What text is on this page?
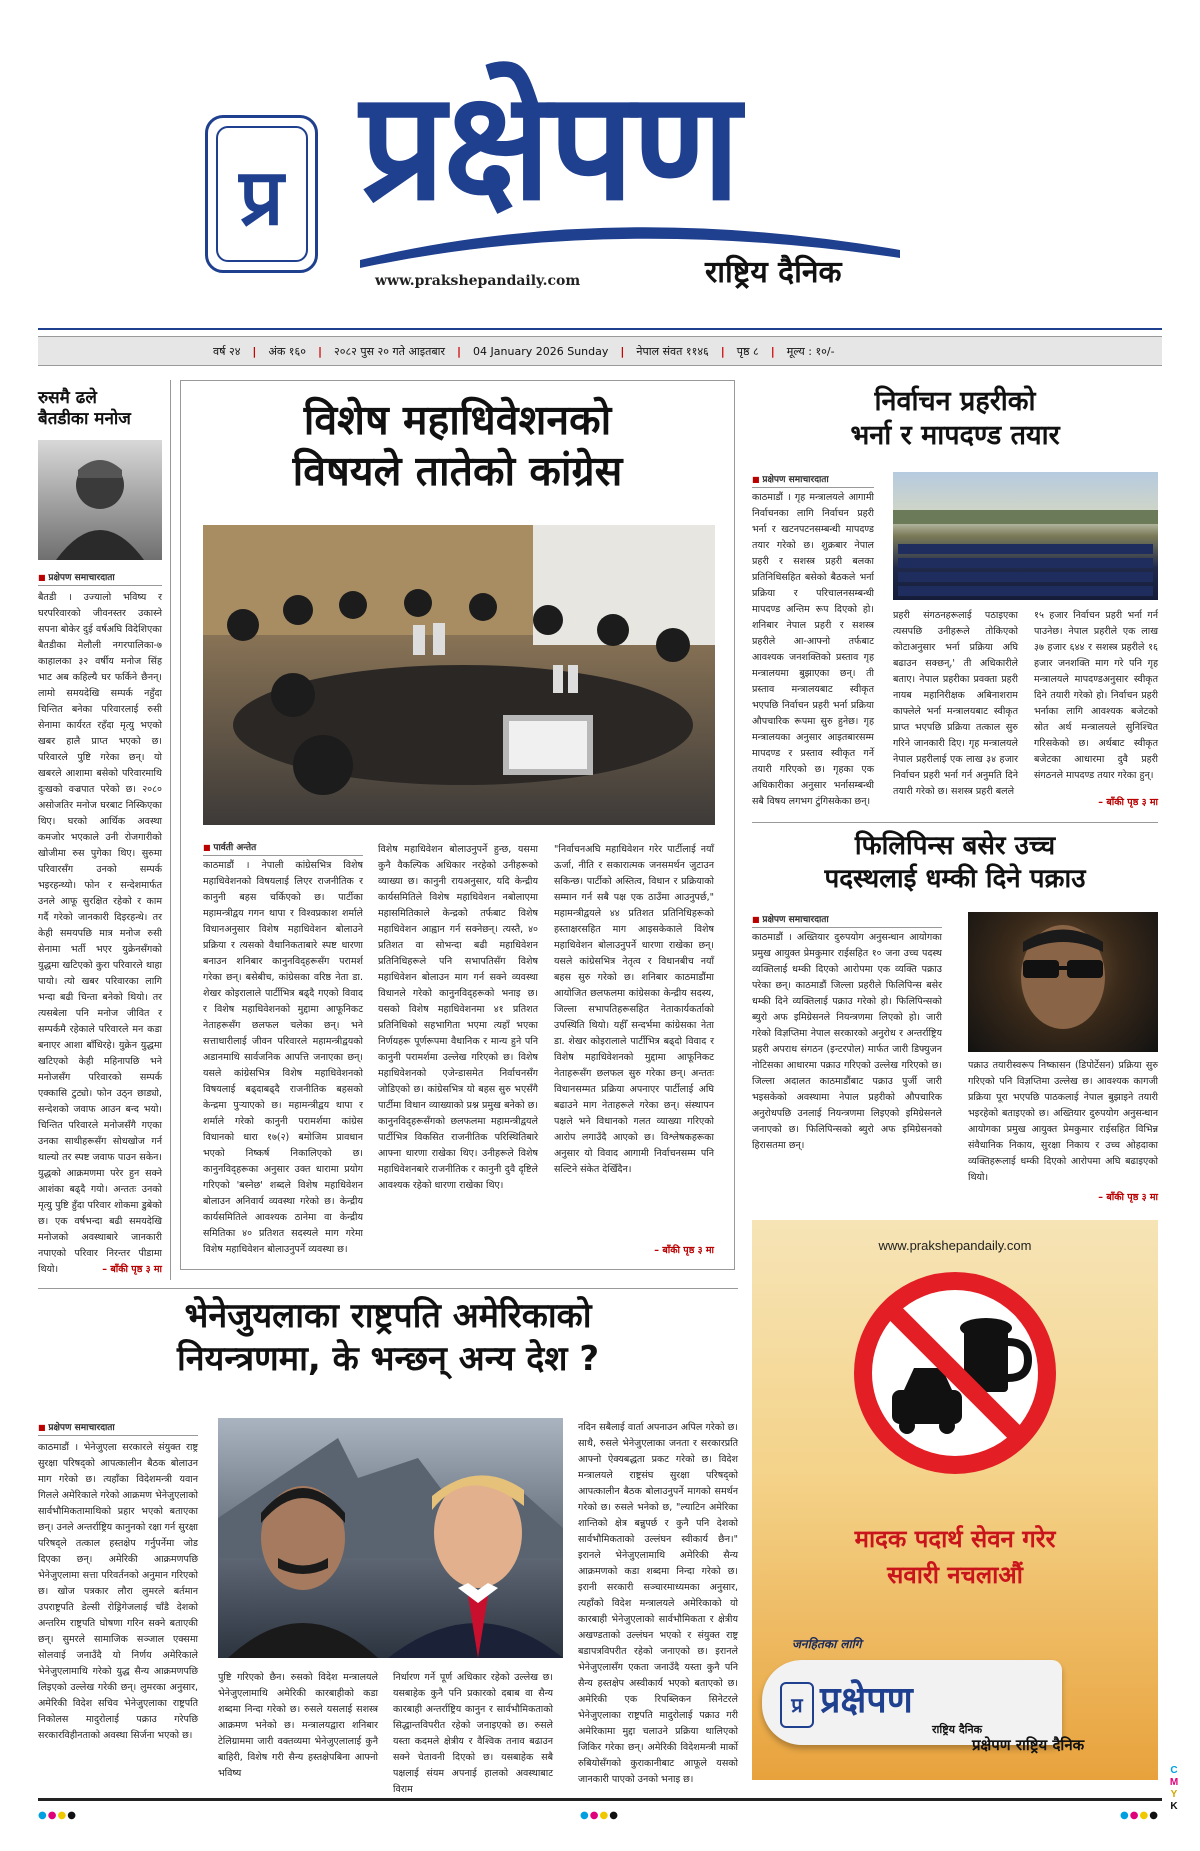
प्र प्रक्षेपण
राष्ट्रिय दैनिक
www.prakshepandaily.com
वर्ष २४	|	अंक १६०	|	२०८२ पुस २० गते आइतबार	|	04 January 2026 Sunday	|	नेपाल संवत ११४६	|	पृष्ठ ८	|	मूल्य : १०/-
रुसमै ढले
बैतडीका मनोज
■ प्रक्षेपण समाचारदाता
बैतडी । उज्यालो भविष्य र घरपरिवारको जीवनस्तर उकास्ने सपना बोकेर दुई वर्षअघि विदेशिएका बैतडीका मेलौली नगरपालिका-७ काहालका ३२ वर्षीय मनोज सिंह भाट अब कहिल्यै घर फर्किने छैनन्। लामो समयदेखि सम्पर्क नहुँदा चिन्तित बनेका परिवारलाई रुसी सेनामा कार्यरत रहँदा मृत्यु भएको खबर हालै प्राप्त भएको छ। परिवारले पुष्टि गरेका छन्। यो खबरले आशामा बसेको परिवारमाथि दुःखको वज्रपात परेको छ। २०८० असोजतिर मनोज घरबाट निस्किएका थिए। घरको आर्थिक अवस्था कमजोर भएकाले उनी रोजगारीको खोजीमा रुस पुगेका थिए। सुरुमा परिवारसँग उनको सम्पर्क भइरहन्थ्यो। फोन र सन्देशमार्फत उनले आफू सुरक्षित रहेको र काम गर्दै गरेको जानकारी दिइरहन्थे। तर केही समयपछि मात्र मनोज रुसी सेनामा भर्ती भएर युक्रेनसँगको युद्धमा खटिएको कुरा परिवारले थाहा पायो। त्यो खबर परिवारका लागि भन्दा बढी चिन्ता बनेको थियो। तर त्यसबेला पनि मनोज जीवित र सम्पर्कमै रहेकाले परिवारले मन कडा बनाएर आशा बाँधिरहे। युक्रेन युद्धमा खटिएको केही महिनापछि भने मनोजसँग परिवारको सम्पर्क एक्कासि टुट्यो। फोन उठ्न छाड्यो, सन्देशको जवाफ आउन बन्द भयो। चिन्तित परिवारले मनोजसँगै गएका उनका साथीहरूसँग सोधखोज गर्न थाल्यो तर स्पष्ट जवाफ पाउन सकेन। युद्धको आक्रमणमा परेर हुन सक्ने आशंका बढ्दै गयो। अन्ततः उनको मृत्यु पुष्टि हुँदा परिवार शोकमा डुबेको छ। एक वर्षभन्दा बढी समयदेखि मनोजको अवस्थाबारे जानकारी नपाएको परिवार निरन्तर पीडामा थियो।	– बाँकी पृष्ठ ३ मा
विशेष महाधिवेशनको
विषयले तातेको कांग्रेस
■ पार्वती अन्तेत
काठमाडौं । नेपाली कांग्रेसभित्र विशेष महाधिवेशनको विषयलाई लिएर राजनीतिक र कानुनी बहस चर्किएको छ। पार्टीका महामन्त्रीद्वय गगन थापा र विश्वप्रकाश शर्माले विधानअनुसार विशेष महाधिवेशन बोलाउने प्रक्रिया र त्यसको वैधानिकताबारे स्पष्ट धारणा बनाउन शनिबार कानुनविद्हरूसँग परामर्श गरेका छन्। बसेबीच, कांग्रेसका वरिष्ठ नेता डा. शेखर कोइरालाले पार्टीभित्र बढ्दै गएको विवाद र विशेष महाधिवेशनको मुद्दामा आफूनिकट नेताहरूसँग छलफल चलेका छन्। भने सत्ताधारीलाई जीवन परिवारले महामन्त्रीद्वयको अडानमाथि सार्वजनिक आपत्ति जनाएका छन्। यसले कांग्रेसभित्र विशेष महाधिवेशनको विषयलाई बढ्दाबढ्दै राजनीतिक बहसको केन्द्रमा पुर्‍याएको छ। महामन्त्रीद्वय थापा र शर्माले गरेको कानुनी परामर्शमा कांग्रेस विधानको धारा १७(२) बमोजिम प्रावधान भएको निष्कर्ष निकालिएको छ। कानुनविद्हरूका अनुसार उक्त धारामा प्रयोग गरिएको 'बस्नेछ' शब्दले विशेष महाधिवेशन बोलाउन अनिवार्य व्यवस्था गरेको छ। केन्द्रीय कार्यसमितिले आवश्यक ठानेमा वा केन्द्रीय समितिका ४० प्रतिशत सदस्यले माग गरेमा विशेष महाधिवेशन बोलाउनुपर्ने व्यवस्था छ।
विशेष महाधिवेशन बोलाउनुपर्ने हुन्छ, यसमा कुनै वैकल्पिक अधिकार नरहेको उनीहरूको व्याख्या छ। कानुनी रायअनुसार, यदि केन्द्रीय कार्यसमितिले विशेष महाधिवेशन नबोलाएमा महासमितिकाले केन्द्रको तर्फबाट विशेष महाधिवेशन आह्वान गर्न सक्नेछन्। त्यस्तै, ४० प्रतिशत वा सोभन्दा बढी महाधिवेशन प्रतिनिधिहरूले पनि सभापतिसँग विशेष महाधिवेशन बोलाउन माग गर्न सक्ने व्यवस्था विधानले गरेको कानुनविद्हरूको भनाइ छ। यसको विशेष महाधिवेशनमा ४१ प्रतिशत प्रतिनिधिको सहभागिता भएमा त्यहाँ भएका निर्णयहरू पूर्णरूपमा वैधानिक र मान्य हुने पनि कानुनी परामर्शमा उल्लेख गरिएको छ। विशेष महाधिवेशनको एजेन्डासमेत निर्वाचनसँग जोडिएको छ। कांग्रेसभित्र यो बहस सुरु भएसँगै पार्टीमा विधान व्याख्याको प्रश्न प्रमुख बनेको छ। कानुनविद्हरूसँगको छलफलमा महामन्त्रीद्वयले पार्टीभित्र विकसित राजनीतिक परिस्थितिबारे आफ्ना धारणा राखेका थिए। उनीहरूले विशेष महाधिवेशनबारे राजनीतिक र कानुनी दुवै दृष्टिले आवश्यक रहेको धारणा राखेका थिए।
"निर्वाचनअघि महाधिवेशन गरेर पार्टीलाई नयाँ ऊर्जा, नीति र सकारात्मक जनसमर्थन जुटाउन सकिन्छ। पार्टीको अस्तित्व, विधान र प्रक्रियाको सम्मान गर्न सबै पक्ष एक ठाउँमा आउनुपर्छ," महामन्त्रीद्वयले ४४ प्रतिशत प्रतिनिधिहरूको हस्ताक्षरसहित माग आइसकेकाले विशेष महाधिवेशन बोलाउनुपर्ने धारणा राखेका छन्। यसले कांग्रेसभित्र नेतृत्व र विधानबीच नयाँ बहस सुरु गरेको छ। शनिबार काठमाडौंमा आयोजित छलफलमा कांग्रेसका केन्द्रीय सदस्य, जिल्ला सभापतिहरूसहित नेताकार्यकर्ताको उपस्थिति थियो। यहीँ सन्दर्भमा कांग्रेसका नेता डा. शेखर कोइरालाले पार्टीभित्र बढ्दो विवाद र विशेष महाधिवेशनको मुद्दामा आफूनिकट नेताहरूसँग छलफल सुरु गरेका छन्। अन्ततः विधानसम्मत प्रक्रिया अपनाएर पार्टीलाई अघि बढाउने माग नेताहरूले गरेका छन्। संस्थापन पक्षले भने विधानको गलत व्याख्या गरिएको आरोप लगाउँदै आएको छ। विश्लेषकहरूका अनुसार यो विवाद आगामी निर्वाचनसम्म पनि सल्टिने संकेत देखिँदैन।
– बाँकी पृष्ठ ३ मा
निर्वाचन प्रहरीको
भर्ना र मापदण्ड तयार
■ प्रक्षेपण समाचारदाता
काठमाडौं । गृह मन्त्रालयले आगामी निर्वाचनका लागि निर्वाचन प्रहरी भर्ना र खटनपटनसम्बन्धी मापदण्ड तयार गरेको छ। शुक्रबार नेपाल प्रहरी र सशस्त्र प्रहरी बलका प्रतिनिधिसहित बसेको बैठकले भर्ना प्रक्रिया र परिचालनसम्बन्धी मापदण्ड अन्तिम रूप दिएको हो। शनिबार नेपाल प्रहरी र सशस्त्र प्रहरीले आ-आफ्नो तर्फबाट आवश्यक जनशक्तिको प्रस्ताव गृह मन्त्रालयमा बुझाएका छन्। ती प्रस्ताव मन्त्रालयबाट स्वीकृत भएपछि निर्वाचन प्रहरी भर्ना प्रक्रिया औपचारिक रूपमा सुरु हुनेछ। गृह मन्त्रालयका अनुसार आइतबारसम्म मापदण्ड र प्रस्ताव स्वीकृत गर्ने तयारी गरिएको छ। गृहका एक अधिकारीका अनुसार भर्नासम्बन्धी सबै विषय लगभग टुंगिसकेका छन्।
प्रहरी संगठनहरूलाई पठाइएका त्यसपछि उनीहरूले तोकिएको कोटाअनुसार भर्ना प्रक्रिया अघि बढाउन सक्छन्,' ती अधिकारीले बताए। नेपाल प्रहरीका प्रवक्ता प्रहरी नायब महानिरीक्षक अबिनाशराम काफ्लेले भर्ना मन्त्रालयबाट स्वीकृत प्राप्त भएपछि प्रक्रिया तत्काल सुरु गरिने जानकारी दिए। गृह मन्त्रालयले नेपाल प्रहरीलाई एक लाख ३४ हजार निर्वाचन प्रहरी भर्ना गर्न अनुमति दिने तयारी गरेको छ। सशस्त्र प्रहरी बलले
१५ हजार निर्वाचन प्रहरी भर्ना गर्न पाउनेछ। नेपाल प्रहरीले एक लाख ३७ हजार ६४४ र सशस्त्र प्रहरीले १६ हजार जनशक्ति माग गरे पनि गृह मन्त्रालयले मापदण्डअनुसार स्वीकृत दिने तयारी गरेको हो। निर्वाचन प्रहरी भर्नाका लागि आवश्यक बजेटको स्रोत अर्थ मन्त्रालयले सुनिश्चित गरिसकेको छ। अर्थबाट स्वीकृत बजेटका आधारमा दुवै प्रहरी संगठनले मापदण्ड तयार गरेका हुन्।
– बाँकी पृष्ठ ३ मा
फिलिपिन्स बसेर उच्च
पदस्थलाई धम्की दिने पक्राउ
■ प्रक्षेपण समाचारदाता
काठमाडौं । अख्तियार दुरुपयोग अनुसन्धान आयोगका प्रमुख आयुक्त प्रेमकुमार राईसहित १० जना उच्च पदस्थ व्यक्तिलाई धम्की दिएको आरोपमा एक व्यक्ति पक्राउ परेका छन्। काठमाडौं जिल्ला प्रहरीले फिलिपिन्स बसेर धम्की दिने व्यक्तिलाई पक्राउ गरेको हो। फिलिपिन्सको ब्युरो अफ इमिग्रेसनले नियन्त्रणमा लिएको हो। जारी गरेको विज्ञप्तिमा नेपाल सरकारको अनुरोध र अन्तर्राष्ट्रिय प्रहरी अपराध संगठन (इन्टरपोल) मार्फत जारी डिफ्युजन नोटिसका आधारमा पक्राउ गरिएको उल्लेख गरिएको छ। जिल्ला अदालत काठमाडौंबाट पक्राउ पुर्जी जारी भइसकेको अवस्थामा नेपाल प्रहरीको औपचारिक अनुरोधपछि उनलाई नियन्त्रणमा लिइएको इमिग्रेसनले जनाएको छ। फिलिपिन्सको ब्युरो अफ इमिग्रेसनको हिरासतमा छन्।
पक्राउ तयारीस्वरूप निष्कासन (डिपोर्टेसन) प्रक्रिया सुरु गरिएको पनि विज्ञप्तिमा उल्लेख छ। आवश्यक कागजी प्रक्रिया पूरा भएपछि पाठकलाई नेपाल बुझाइने तयारी भइरहेको बताइएको छ। अख्तियार दुरुपयोग अनुसन्धान आयोगका प्रमुख आयुक्त प्रेमकुमार राईसहित विभिन्न संवैधानिक निकाय, सुरक्षा निकाय र उच्च ओहदाका व्यक्तिहरूलाई धम्की दिएको आरोपमा अघि बढाइएको थियो।
– बाँकी पृष्ठ ३ मा
www.prakshepandaily.com
मादक पदार्थ सेवन गरेर
सवारी नचलाऔं
जनहितका लागि
प्र प्रक्षेपण
राष्ट्रिय दैनिक
प्रक्षेपण राष्ट्रिय दैनिक
भेनेजुयलाका राष्ट्रपति अमेरिकाको
नियन्त्रणमा, के भन्छन् अन्य देश ?
■ प्रक्षेपण समाचारदाता
काठमाडौं । भेनेजुएला सरकारले संयुक्त राष्ट्र सुरक्षा परिषद्को आपत्कालीन बैठक बोलाउन माग गरेको छ। त्यहाँका विदेशमन्त्री यवान गिलले अमेरिकाले गरेको आक्रमण भेनेजुएलाको सार्वभौमिकतामाथिको प्रहार भएको बताएका छन्। उनले अन्तर्राष्ट्रिय कानुनको रक्षा गर्न सुरक्षा परिषद्ले तत्काल हस्तक्षेप गर्नुपर्नेमा जोड दिएका छन्। अमेरिकी आक्रमणपछि भेनेजुएलामा सत्ता परिवर्तनको अनुमान गरिएको छ। खोज पत्रकार लौरा लुमरले बर्तमान उपराष्ट्रपति डेल्सी रोड्रिगेजलाई चाँडै देशको अन्तरिम राष्ट्रपति घोषणा गरिन सक्ने बताएकी छन्। सुमरले सामाजिक सञ्जाल एक्समा सोलवाई जनाउँदै यो निर्णय अमेरिकाले भेनेजुएलामाथि गरेको युद्ध सैन्य आक्रमणपछि लिइएको उल्लेख गरेकी छन्। लुमरका अनुसार, अमेरिकी विदेश सचिव भेनेजुएलाका राष्ट्रपति निकोलस मादुरोलाई पक्राउ गरेपछि सरकारविहीनताको अवस्था सिर्जना भएको छ।
पुष्टि गरिएको छैन। रुसको विदेश मन्त्रालयले भेनेजुएलामाथि अमेरिकी कारबाहीको कडा शब्दमा निन्दा गरेको छ। रुसले यसलाई सशस्त्र आक्रमण भनेको छ। मन्त्रालयद्वारा शनिबार टेलिग्राममा जारी वक्तव्यमा भेनेजुएलालाई कुनै बाहिरी, विशेष गरी सैन्य हस्तक्षेपबिना आफ्नो भविष्य
निर्धारण गर्ने पूर्ण अधिकार रहेको उल्लेख छ। यसबाहेक कुनै पनि प्रकारको दबाब वा सैन्य कारबाही अन्तर्राष्ट्रिय कानुन र सार्वभौमिकताको सिद्धान्तविपरीत रहेको जनाइएको छ। रुसले यस्ता कदमले क्षेत्रीय र वैश्विक तनाव बढाउन सक्ने चेतावनी दिएको छ। यसबाहेक सबै पक्षलाई संयम अपनाई हालको अवस्थाबाट विराम
नदिन सबैलाई वार्ता अपनाउन अपिल गरेको छ। साथै, रुसले भेनेजुएलाका जनता र सरकारप्रति आफ्नो ऐक्यबद्धता प्रकट गरेको छ। विदेश मन्त्रालयले राष्ट्रसंघ सुरक्षा परिषद्को आपत्कालीन बैठक बोलाउनुपर्ने मागको समर्थन गरेको छ। रुसले भनेको छ, "ल्याटिन अमेरिका शान्तिको क्षेत्र बन्नुपर्छ र कुनै पनि देशको सार्वभौमिकताको उल्लंघन स्वीकार्य छैन।" इरानले भेनेजुएलामाथि अमेरिकी सैन्य आक्रमणको कडा शब्दमा निन्दा गरेको छ। इरानी सरकारी सञ्चारमाध्यमका अनुसार, त्यहाँको विदेश मन्त्रालयले अमेरिकाको यो कारबाही भेनेजुएलाको सार्वभौमिकता र क्षेत्रीय अखण्डताको उल्लंघन भएको र संयुक्त राष्ट्र बडापत्रविपरीत रहेको जनाएको छ। इरानले भेनेजुएलासँग एकता जनाउँदै यस्ता कुनै पनि सैन्य हस्तक्षेप अस्वीकार्य भएको बताएको छ। अमेरिकी एक रिपब्लिकन सिनेटरले भेनेजुएलाका राष्ट्रपति मादुरोलाई पक्राउ गरी अमेरिकामा मुद्दा चलाउने प्रक्रिया थालिएको जिकिर गरेका छन्। अमेरिकी विदेशमन्त्री मार्को रुबियोसँगको कुराकानीबाट आफूले यसको जानकारी पाएको उनको भनाइ छ।
●●●●	●●●●	●●●●
C
M
Y
K
